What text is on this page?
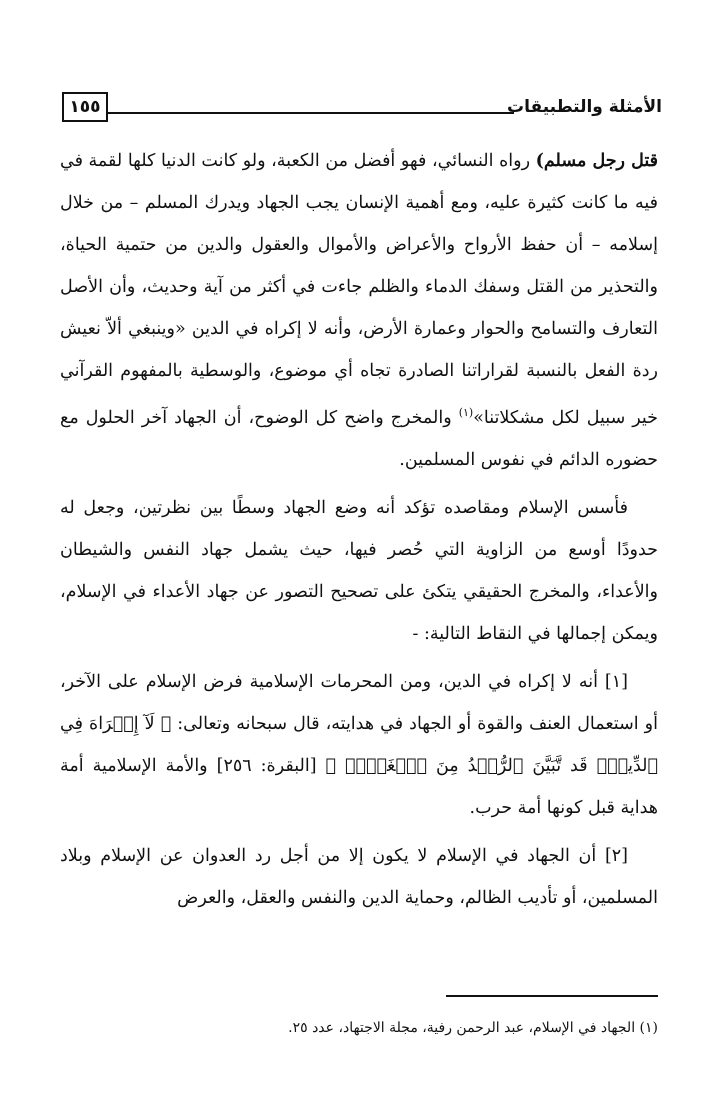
١٥٥	الأمثلة والتطبيقات

قتل رجل مسلم) رواه النسائي، فهو أفضل من الكعبة، ولو كانت الدنيا كلها لقمة في فيه ما كانت كثيرة عليه، ومع أهمية الإنسان يجب الجهاد ويدرك المسلم – من خلال إسلامه – أن حفظ الأرواح والأعراض والأموال والعقول والدين من حتمية الحياة، والتحذير من القتل وسفك الدماء والظلم جاءت في أكثر من آية وحديث، وأن الأصل التعارف والتسامح والحوار وعمارة الأرض، وأنه لا إكراه في الدين «وينبغي ألاّ نعيش ردة الفعل بالنسبة لقراراتنا الصادرة تجاه أي موضوع، والوسطية بالمفهوم القرآني خير سبيل لكل مشكلاتنا»$^{(١)}$ والمخرج واضح كل الوضوح، أن الجهاد آخر الحلول مع حضوره الدائم في نفوس المسلمين.

فأسس الإسلام ومقاصده تؤكد أنه وضع الجهاد وسطًا بين نظرتين، وجعل له حدودًا أوسع من الزاوية التي حُصر فيها، حيث يشمل جهاد النفس والشيطان والأعداء، والمخرج الحقيقي يتكئ على تصحيح التصور عن جهاد الأعداء في الإسلام، ويمكن إجمالها في النقاط التالية: -

[١] أنه لا إكراه في الدين، ومن المحرمات الإسلامية فرض الإسلام على الآخر، أو استعمال العنف والقوة أو الجهاد في هدايته، قال سبحانه وتعالى: ﴿ لَآ إِكۡرَاهَ فِي ٱلدِّينِۖ قَد تَّبَيَّنَ ٱلرُّشۡدُ مِنَ ٱلۡغَيِّۚ ﴾ [البقرة: ٢٥٦] والأمة الإسلامية أمة هداية قبل كونها أمة حرب.

[٢] أن الجهاد في الإسلام لا يكون إلا من أجل رد العدوان عن الإسلام وبلاد المسلمين، أو تأديب الظالم، وحماية الدين والنفس والعقل، والعرض

(١) الجهاد في الإسلام، عبد الرحمن رفية، مجلة الاجتهاد، عدد ٢٥.
